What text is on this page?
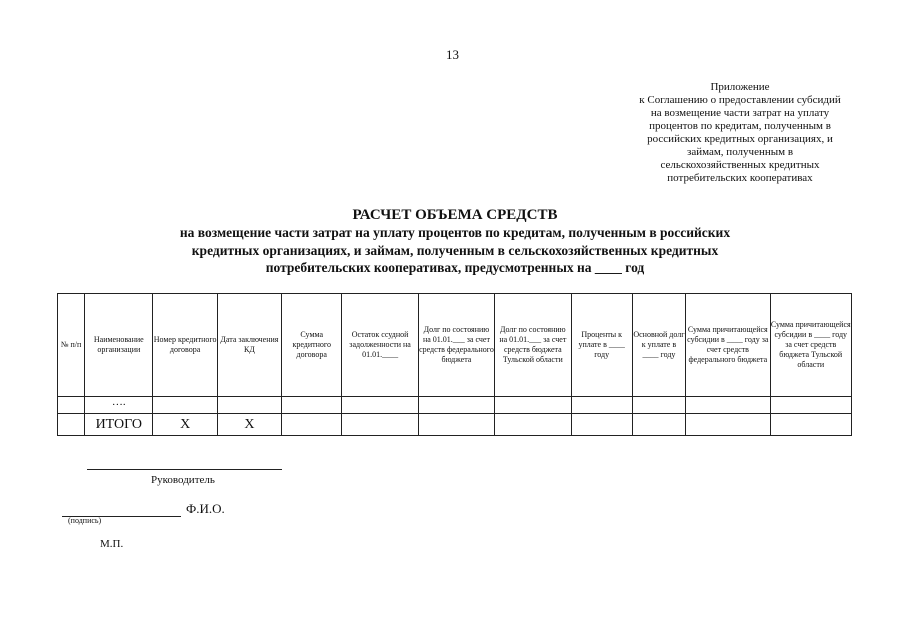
13
Приложение
к Соглашению о предоставлении субсидий
на возмещение части затрат на уплату
процентов по кредитам, полученным в
российских кредитных организациях, и
займам, полученным в
сельскохозяйственных кредитных
потребительских кооперативах
РАСЧЕТ ОБЪЕМА СРЕДСТВ
на возмещение части затрат на уплату процентов по кредитам, полученным в российских
кредитных организациях, и займам, полученным в сельскохозяйственных кредитных
потребительских кооперативах, предусмотренных на ____ год
№ п/п	Наименование организации	Номер кредитного договора	Дата заключения КД	Сумма кредитного договора	Остаток ссудной задолженности на 01.01.____	Долг по состоянию на 01.01.___ за счет средств федерального бюджета	Долг по состоянию на 01.01.___ за счет средств бюджета Тульской области	Проценты к уплате в ____ году	Основной долг к уплате в ____ году	Сумма причитающейся субсидии в ____ году за счет средств федерального бюджета	Сумма причитающейся субсидии в ____ году за счет средств бюджета Тульской области
	….										
	ИТОГО	Х	Х								
Руководитель
Ф.И.О.
(подпись)
М.П.
